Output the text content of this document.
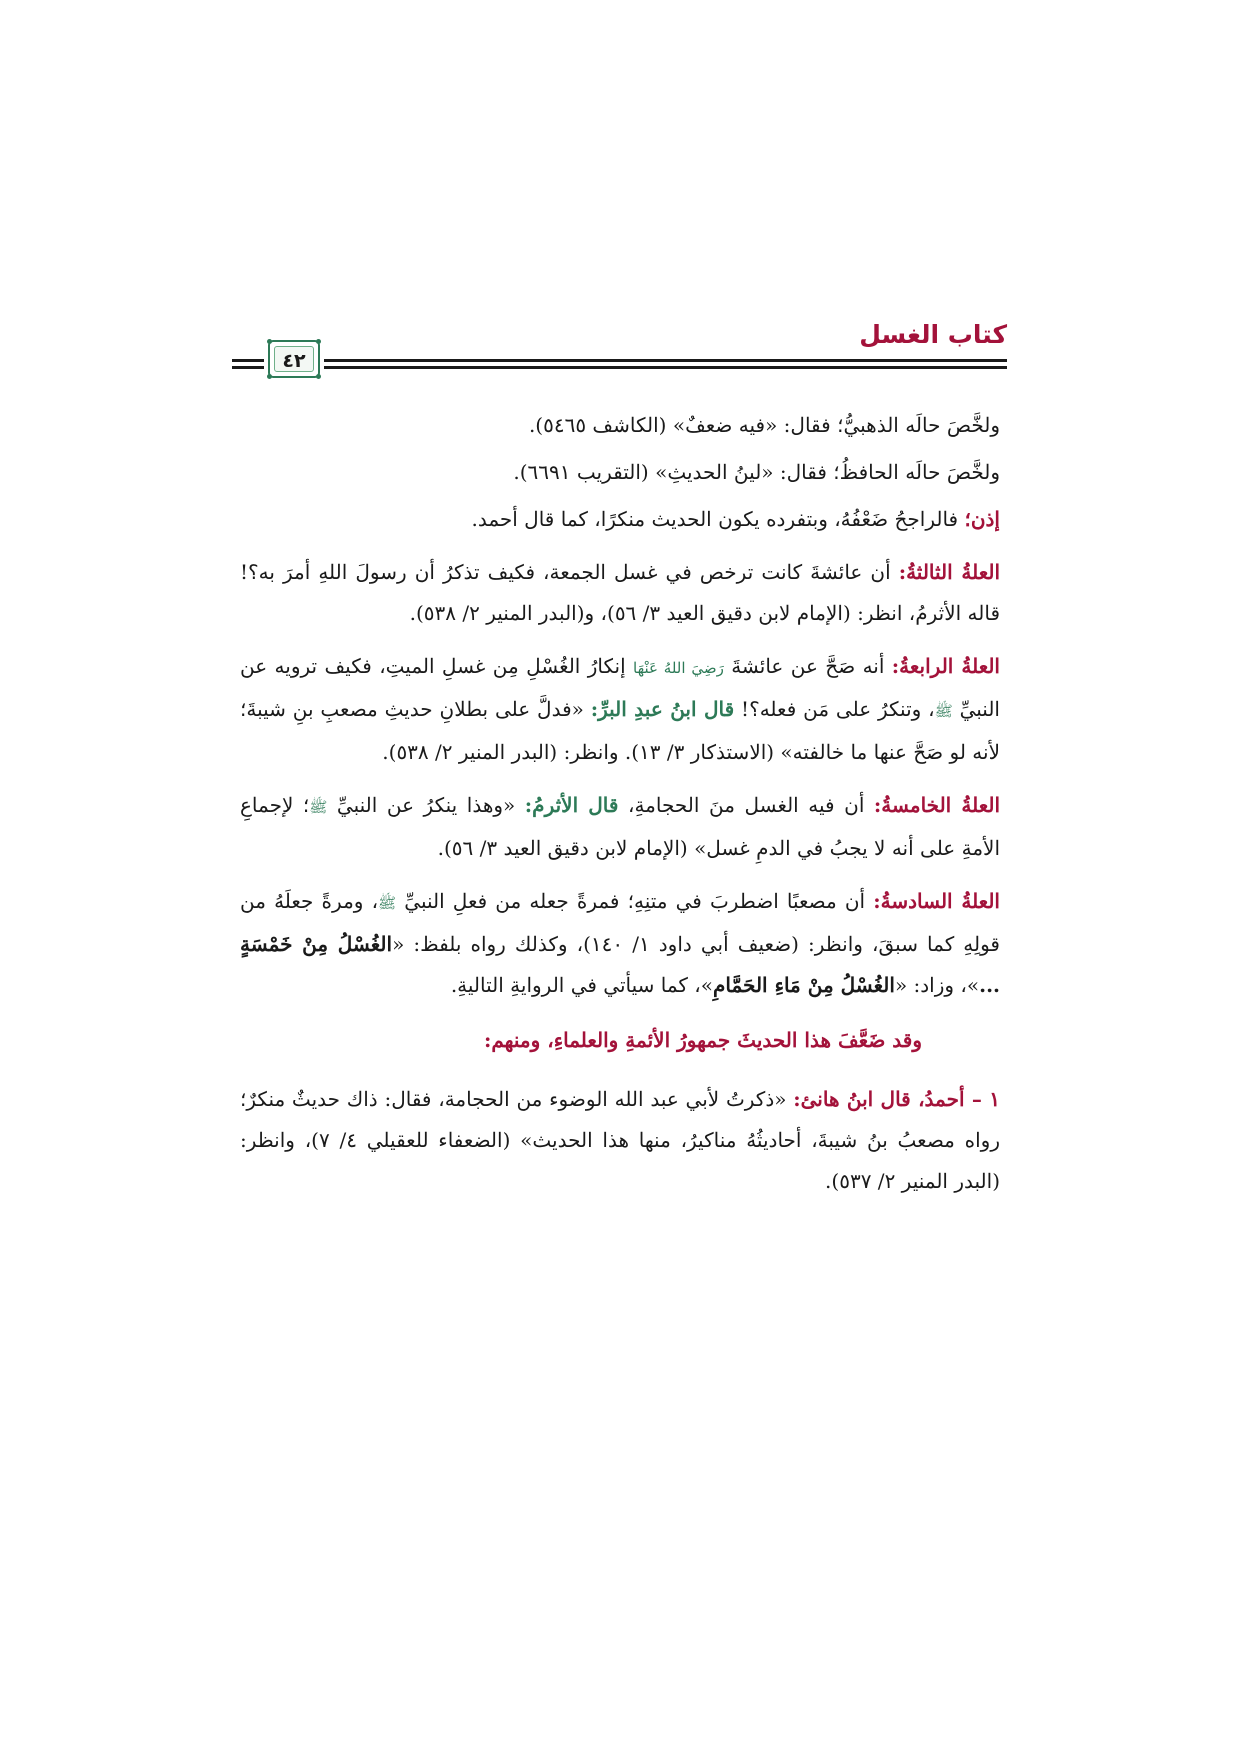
كتاب الغسل
٤٢

ولخَّصَ حالَه الذهبيُّ؛ فقال: «فيه ضعفٌ» (الكاشف ٥٤٦٥).

ولخَّصَ حالَه الحافظُ؛ فقال: «لينُ الحديثِ» (التقريب ٦٦٩١).

إذن؛ فالراجحُ ضَعْفُهُ، وبتفرده يكون الحديث منكرًا، كما قال أحمد.

العلةُ الثالثةُ: أن عائشةَ كانت ترخص في غسل الجمعة، فكيف تذكرُ أن رسولَ اللهِ أمرَ به؟! قاله الأثرمُ، انظر: (الإمام لابن دقيق العيد ٣/ ٥٦)، و(البدر المنير ٢/ ٥٣٨).

العلةُ الرابعةُ: أنه صَحَّ عن عائشةَ رَضِيَ اللهُ عَنْهَا إنكارُ الغُسْلِ مِن غسلِ الميتِ، فكيف ترويه عن النبيِّ ﷺ، وتنكرُ على مَن فعله؟! قال ابنُ عبدِ البرِّ: «فدلَّ على بطلانِ حديثِ مصعبِ بنِ شيبةَ؛ لأنه لو صَحَّ عنها ما خالفته» (الاستذكار ٣/ ١٣). وانظر: (البدر المنير ٢/ ٥٣٨).

العلةُ الخامسةُ: أن فيه الغسل منَ الحجامةِ، قال الأثرمُ: «وهذا ينكرُ عن النبيِّ ﷺ؛ لإجماعِ الأمةِ على أنه لا يجبُ في الدمِ غسل» (الإمام لابن دقيق العيد ٣/ ٥٦).

العلةُ السادسةُ: أن مصعبًا اضطربَ في متنِهِ؛ فمرةً جعله من فعلِ النبيِّ ﷺ، ومرةً جعلَهُ من قولِهِ كما سبقَ، وانظر: (ضعيف أبي داود ١/ ١٤٠)، وكذلك رواه بلفظ: «الغُسْلُ مِنْ خَمْسَةٍ ...»، وزاد: «الغُسْلُ مِنْ مَاءِ الحَمَّامِ»، كما سيأتي في الروايةِ التاليةِ.

وقد ضَعَّفَ هذا الحديثَ جمهورُ الأئمةِ والعلماءِ، ومنهم:

١ – أحمدُ، قال ابنُ هانئ: «ذكرتُ لأبي عبد الله الوضوء من الحجامة، فقال: ذاك حديثٌ منكرٌ؛ رواه مصعبُ بنُ شيبةَ، أحاديثُهُ مناكيرُ، منها هذا الحديث» (الضعفاء للعقيلي ٤/ ٧)، وانظر: (البدر المنير ٢/ ٥٣٧).
